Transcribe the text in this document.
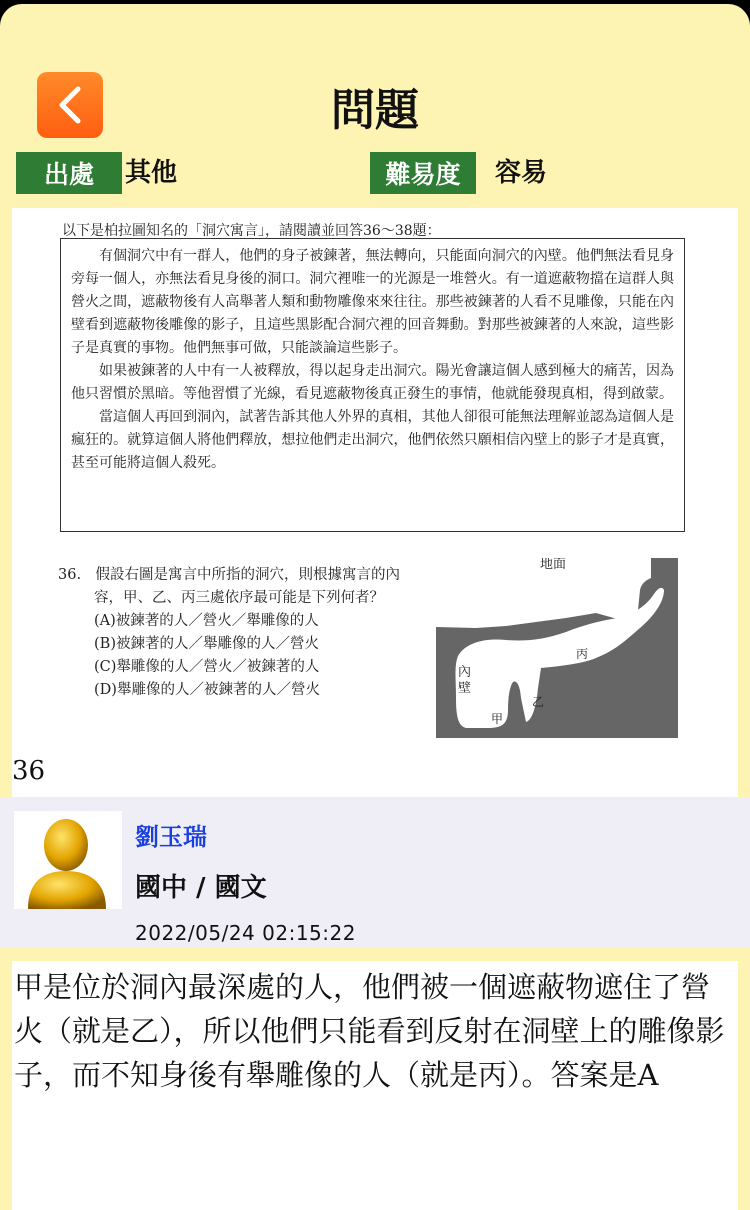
問題
出處	其他	難易度	容易
以下是柏拉圖知名的「洞穴寓言」，請閱讀並回答36～38題：

有個洞穴中有一群人，他們的身子被鍊著，無法轉向，只能面向洞穴的內壁。他們無法看見身旁每一個人，亦無法看見身後的洞口。洞穴裡唯一的光源是一堆營火。有一道遮蔽物擋在這群人與營火之間，遮蔽物後有人高舉著人類和動物雕像來來往往。那些被鍊著的人看不見雕像，只能在內壁看到遮蔽物後雕像的影子，且這些黑影配合洞穴裡的回音舞動。對那些被鍊著的人來說，這些影子是真實的事物。他們無事可做，只能談論這些影子。

如果被鍊著的人中有一人被釋放，得以起身走出洞穴。陽光會讓這個人感到極大的痛苦，因為他只習慣於黑暗。等他習慣了光線，看見遮蔽物後真正發生的事情，他就能發現真相，得到啟蒙。

當這個人再回到洞內，試著告訴其他人外界的真相，其他人卻很可能無法理解並認為這個人是瘋狂的。就算這個人將他們釋放，想拉他們走出洞穴，他們依然只願相信內壁上的影子才是真實，甚至可能將這個人殺死。

36.　假設右圖是寓言中所指的洞穴，則根據寓言的內容，甲、乙、丙三處依序最可能是下列何者？
(A)被鍊著的人／營火／舉雕像的人
(B)被鍊著的人／舉雕像的人／營火
(C)舉雕像的人／營火／被鍊著的人
(D)舉雕像的人／被鍊著的人／營火
地面
內
壁
甲
乙
丙
36
劉玉瑞
國中 / 國文
2022/05/24 02:15:22
甲是位於洞內最深處的人，他們被一個遮蔽物遮住了營火（就是乙），所以他們只能看到反射在洞壁上的雕像影子，而不知身後有舉雕像的人（就是丙）。答案是A
